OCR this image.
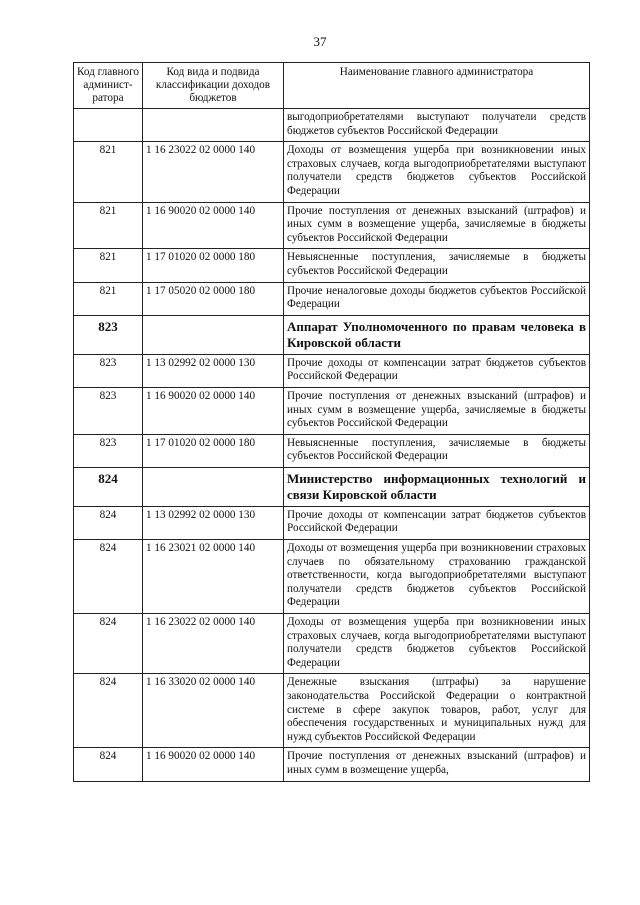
37
Код главного админист-ратора	Код вида и подвида классификации доходов бюджетов	Наименование главного администратора
		выгодоприобретателями выступают получатели средств бюджетов субъектов Российской Федерации
821	1 16 23022 02 0000 140	Доходы от возмещения ущерба при возникновении иных страховых случаев, когда выгодоприобретателями выступают получатели средств бюджетов субъектов Российской Федерации
821	1 16 90020 02 0000 140	Прочие поступления от денежных взысканий (штрафов) и иных сумм в возмещение ущерба, зачисляемые в бюджеты субъектов Российской Федерации
821	1 17 01020 02 0000 180	Невыясненные поступления, зачисляемые в бюджеты субъектов Российской Федерации
821	1 17 05020 02 0000 180	Прочие неналоговые доходы бюджетов субъектов Российской Федерации
823		Аппарат Уполномоченного по правам человека в Кировской области
823	1 13 02992 02 0000 130	Прочие доходы от компенсации затрат бюджетов субъектов Российской Федерации
823	1 16 90020 02 0000 140	Прочие поступления от денежных взысканий (штрафов) и иных сумм в возмещение ущерба, зачисляемые в бюджеты субъектов Российской Федерации
823	1 17 01020 02 0000 180	Невыясненные поступления, зачисляемые в бюджеты субъектов Российской Федерации
824		Министерство информационных технологий и связи Кировской области
824	1 13 02992 02 0000 130	Прочие доходы от компенсации затрат бюджетов субъектов Российской Федерации
824	1 16 23021 02 0000 140	Доходы от возмещения ущерба при возникновении страховых случаев по обязательному страхованию гражданской ответственности, когда выгодоприобретателями выступают получатели средств бюджетов субъектов Российской Федерации
824	1 16 23022 02 0000 140	Доходы от возмещения ущерба при возникновении иных страховых случаев, когда выгодоприобретателями выступают получатели средств бюджетов субъектов Российской Федерации
824	1 16 33020 02 0000 140	Денежные взыскания (штрафы) за нарушение законодательства Российской Федерации о контрактной системе в сфере закупок товаров, работ, услуг для обеспечения государственных и муниципальных нужд для нужд субъектов Российской Федерации
824	1 16 90020 02 0000 140	Прочие поступления от денежных взысканий (штрафов) и иных сумм в возмещение ущерба,
